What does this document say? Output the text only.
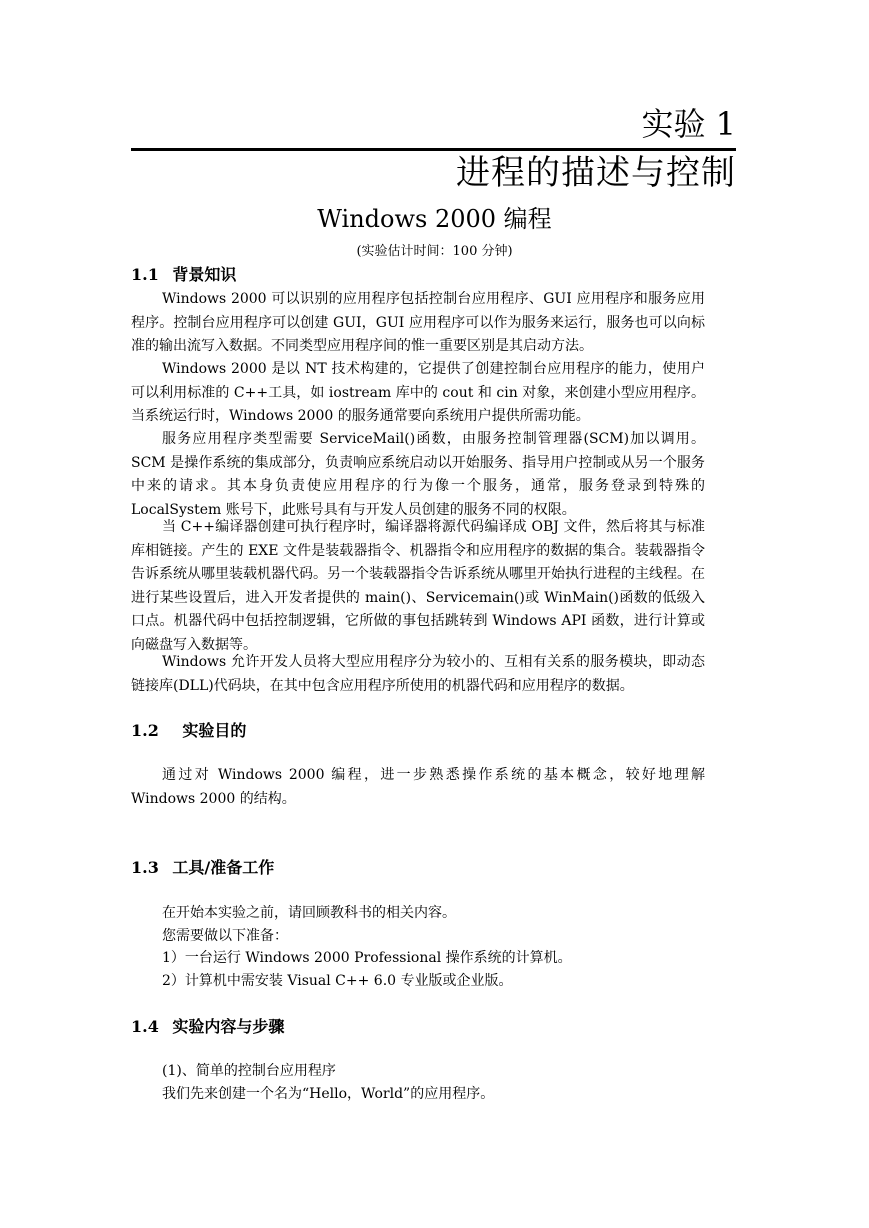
实验 1
进程的描述与控制
Windows 2000 编程
(实验估计时间：100 分钟)
1.1 背景知识
Windows 2000 可以识别的应用程序包括控制台应用程序、GUI 应用程序和服务应用程序。控制台应用程序可以创建 GUI，GUI 应用程序可以作为服务来运行，服务也可以向标准的输出流写入数据。不同类型应用程序间的惟一重要区别是其启动方法。
Windows 2000 是以 NT 技术构建的，它提供了创建控制台应用程序的能力，使用户可以利用标准的 C++工具，如 iostream 库中的 cout 和 cin 对象，来创建小型应用程序。当系统运行时，Windows 2000 的服务通常要向系统用户提供所需功能。
服务应用程序类型需要 ServiceMail()函数，由服务控制管理器(SCM)加以调用。SCM 是操作系统的集成部分，负责响应系统启动以开始服务、指导用户控制或从另一个服务中来的请求。其本身负责使应用程序的行为像一个服务，通常，服务登录到特殊的 LocalSystem 账号下，此账号具有与开发人员创建的服务不同的权限。
当 C++编译器创建可执行程序时，编译器将源代码编译成 OBJ 文件，然后将其与标准库相链接。产生的 EXE 文件是装载器指令、机器指令和应用程序的数据的集合。装载器指令告诉系统从哪里装载机器代码。另一个装载器指令告诉系统从哪里开始执行进程的主线程。在进行某些设置后，进入开发者提供的 main()、Servicemain()或 WinMain()函数的低级入口点。机器代码中包括控制逻辑，它所做的事包括跳转到 Windows API 函数，进行计算或向磁盘写入数据等。
Windows 允许开发人员将大型应用程序分为较小的、互相有关系的服务模块，即动态链接库(DLL)代码块，在其中包含应用程序所使用的机器代码和应用程序的数据。
1.2 实验目的
通过对 Windows 2000 编程，进一步熟悉操作系统的基本概念，较好地理解 Windows 2000 的结构。
1.3 工具/准备工作
在开始本实验之前，请回顾教科书的相关内容。
您需要做以下准备：
1）一台运行 Windows 2000 Professional 操作系统的计算机。
2）计算机中需安装 Visual C++ 6.0 专业版或企业版。
1.4 实验内容与步骤
(1)、简单的控制台应用程序
我们先来创建一个名为“Hello，World”的应用程序。
